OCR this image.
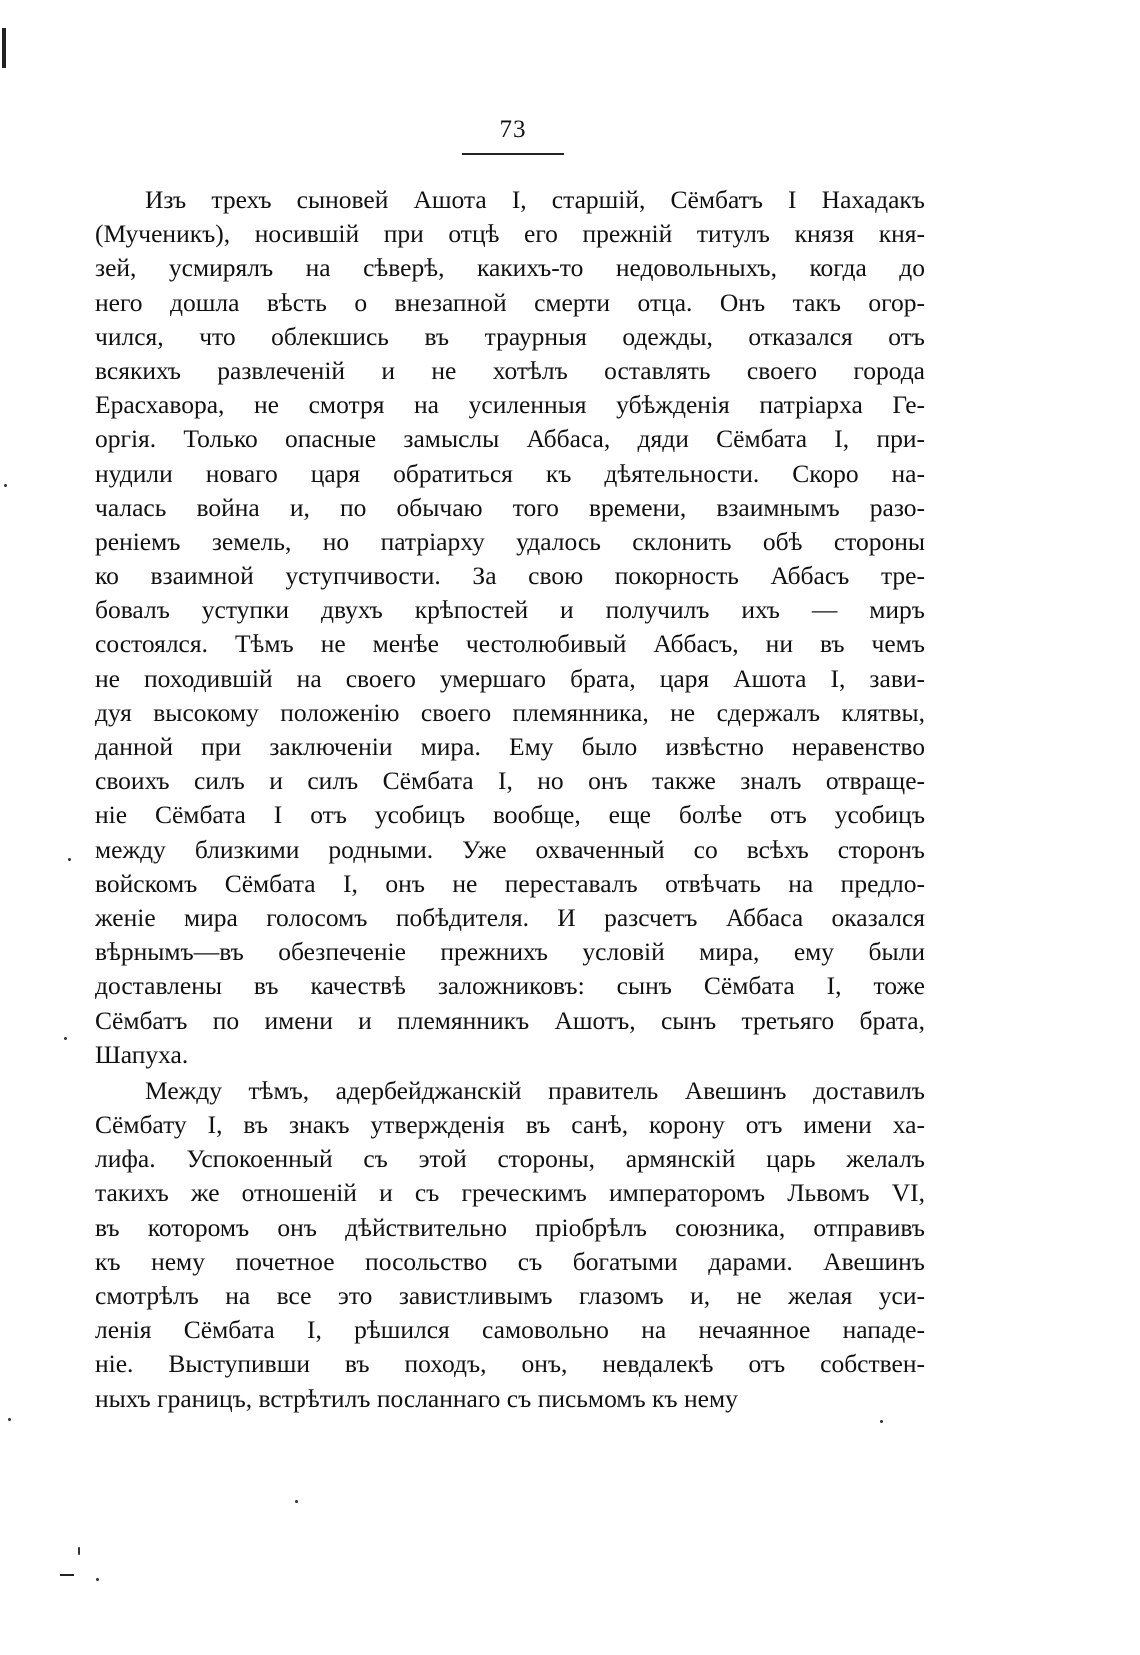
73
Изъ трехъ сыновей Ашота I, старшій, Сёмбатъ I Нахадакъ
(Мученикъ), носившій при отцѣ его прежній титулъ князя кня-
зей, усмирялъ на сѣверѣ, какихъ-то недовольныхъ, когда до
него дошла вѣсть о внезапной смерти отца. Онъ такъ огор-
чился, что облекшись въ траурныя одежды, отказался отъ
всякихъ развлеченій и не хотѣлъ оставлять своего города
Ерасхавора, не смотря на усиленныя убѣжденія патріарха Ге-
оргія. Только опасные замыслы Аббаса, дяди Сёмбата I, при-
нудили новаго царя обратиться къ дѣятельности. Скоро на-
чалась война и, по обычаю того времени, взаимнымъ разо-
реніемъ земель, но патріарху удалось склонить обѣ стороны
ко взаимной уступчивости. За свою покорность Аббасъ тре-
бовалъ уступки двухъ крѣпостей и получилъ ихъ — миръ
состоялся. Тѣмъ не менѣе честолюбивый Аббасъ, ни въ чемъ
не походившій на своего умершаго брата, царя Ашота I, зави-
дуя высокому положенію своего племянника, не сдержалъ клятвы,
данной при заключеніи мира. Ему было извѣстно неравенство
своихъ силъ и силъ Сёмбата I, но онъ также зналъ отвраще-
ніе Сёмбата I отъ усобицъ вообще, еще болѣе отъ усобицъ
между близкими родными. Уже охваченный со всѣхъ сторонъ
войскомъ Сёмбата I, онъ не переставалъ отвѣчать на предло-
женіе мира голосомъ побѣдителя. И разсчетъ Аббаса оказался
вѣрнымъ—въ обезпеченіе прежнихъ условій мира, ему были
доставлены въ качествѣ заложниковъ: сынъ Сёмбата I, тоже
Сёмбатъ по имени и племянникъ Ашотъ, сынъ третьяго брата,
Шапуха.
Между тѣмъ, адербейджанскій правитель Авешинъ доставилъ
Сёмбату I, въ знакъ утвержденія въ санѣ, корону отъ имени ха-
лифа. Успокоенный съ этой стороны, армянскій царь желалъ
такихъ же отношеній и съ греческимъ императоромъ Львомъ VI,
въ которомъ онъ дѣйствительно пріобрѣлъ союзника, отправивъ
къ нему почетное посольство съ богатыми дарами. Авешинъ
смотрѣлъ на все это завистливымъ глазомъ и, не желая уси-
ленія Сёмбата I, рѣшился самовольно на нечаянное нападе-
ніе. Выступивши въ походъ, онъ, невдалекѣ отъ собствен-
ныхъ границъ, встрѣтилъ посланнаго съ письмомъ къ нему
